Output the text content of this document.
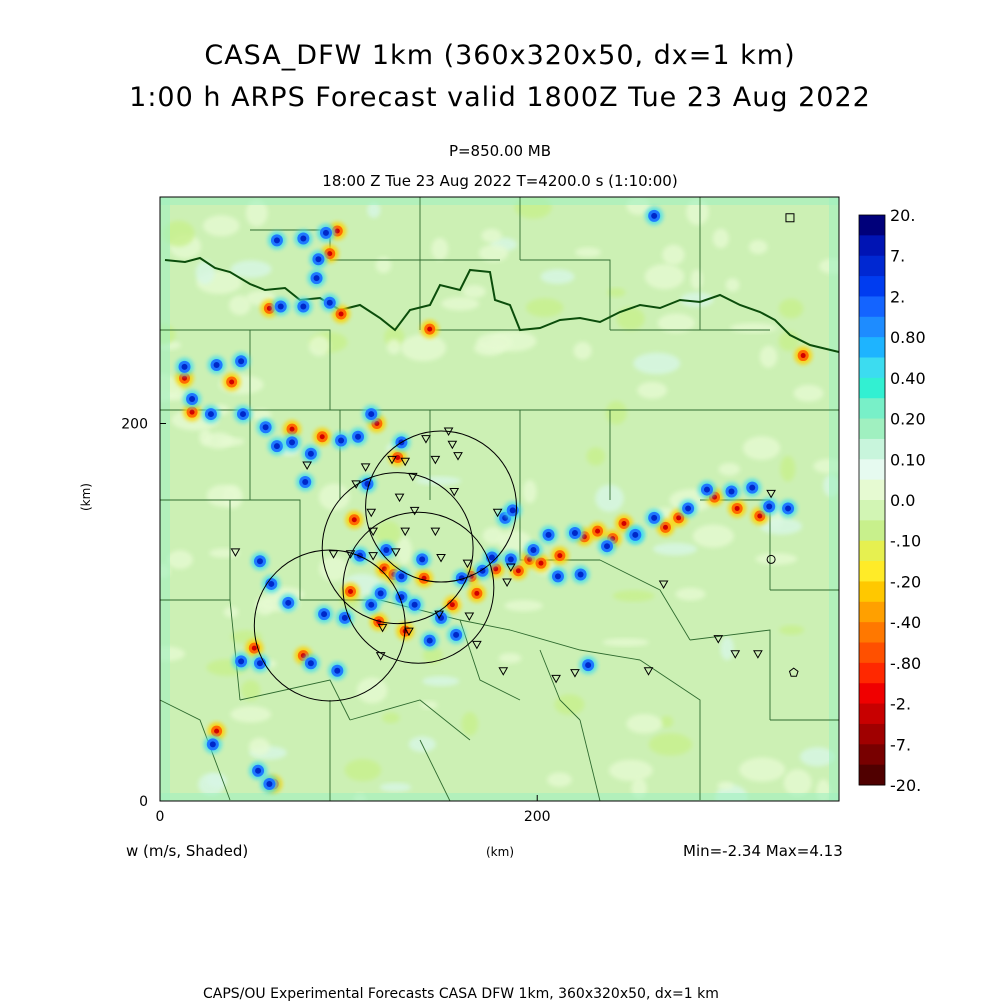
CASA_DFW 1km (360x320x50, dx=1 km)
1:00 h ARPS Forecast valid 1800Z Tue 23 Aug 2022
P=850.00 MB
18:00 Z Tue 23 Aug 2022 T=4200.0 s (1:10:00)
0	200
0
200
20.
7.
2.
0.80
0.40
0.20
0.10
0.0
-.10
-.20
-.40
-.80
-2.
-7.
-20.
w (m/s, Shaded)	(km)	Min=-2.34 Max=4.13
(km)
CAPS/OU Experimental Forecasts CASA DFW 1km, 360x320x50, dx=1 km
